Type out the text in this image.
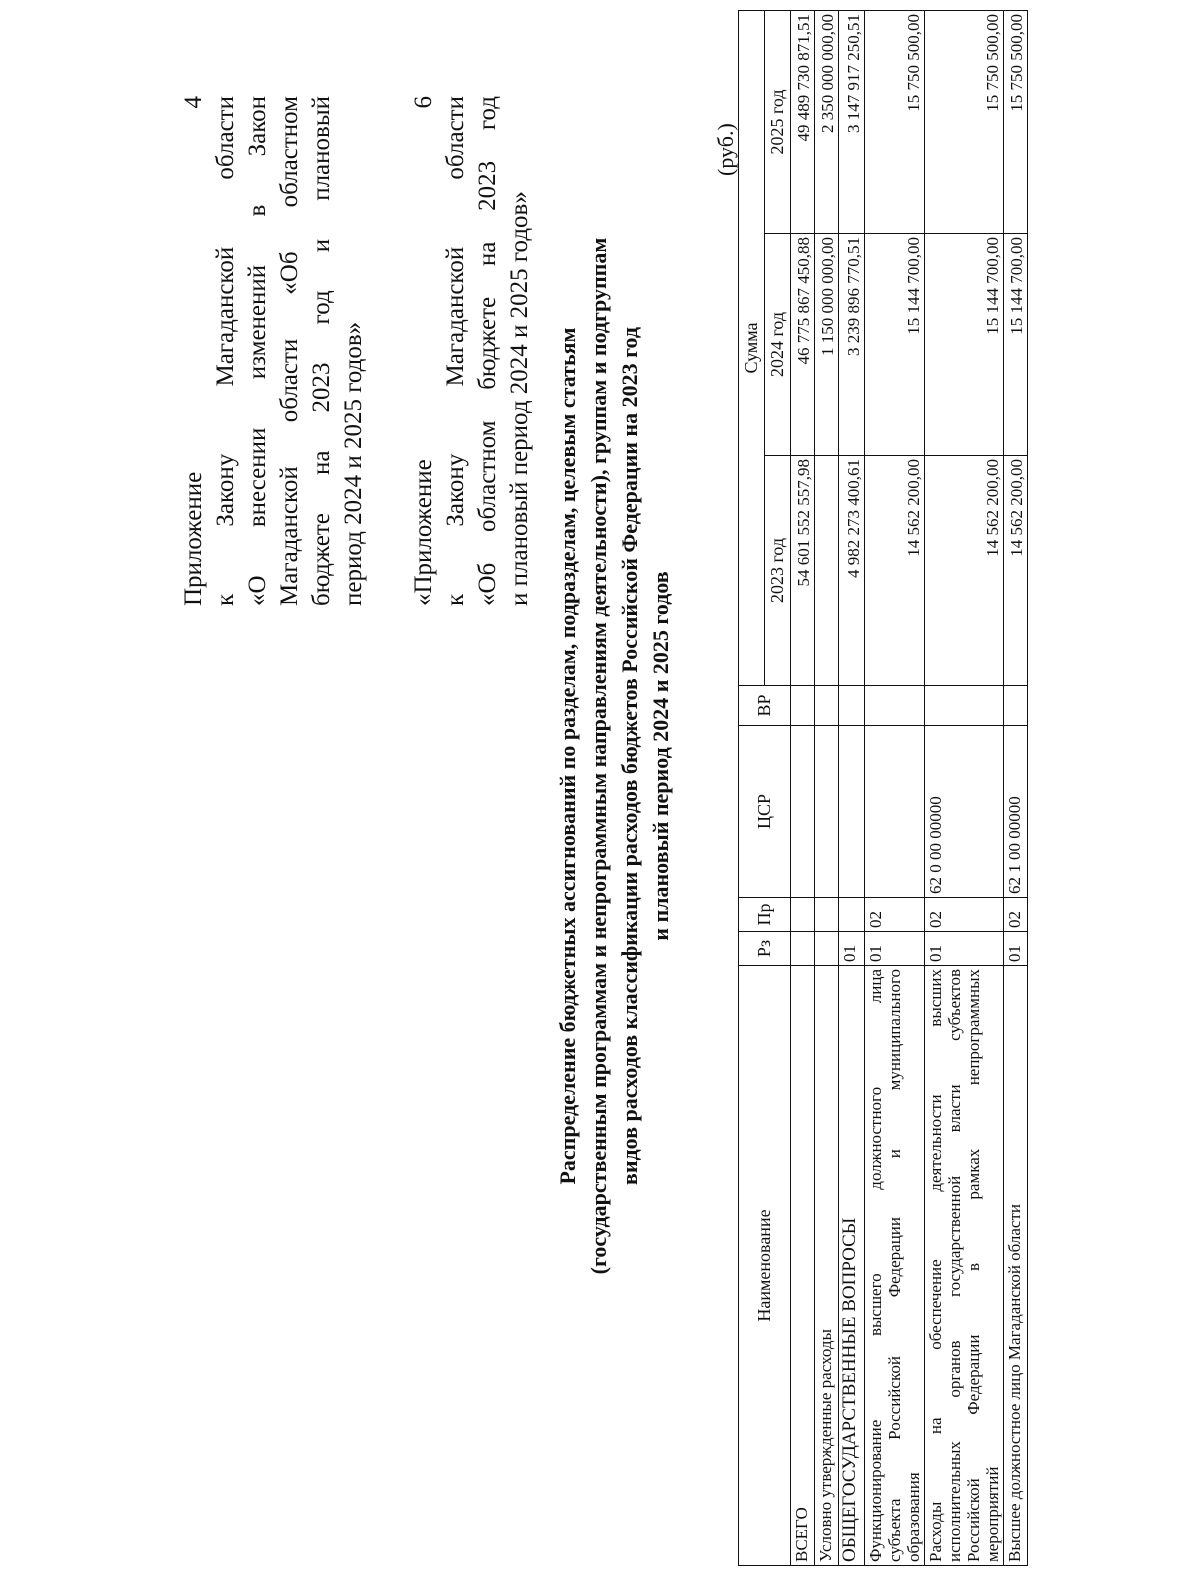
Приложение 4 к Закону Магаданской области «О внесении изменений в Закон Магаданской области «Об областном бюджете на 2023 год и плановый период 2024 и 2025 годов» «Приложение 6 к Закону Магаданской области «Об областном бюджете на 2023 год и плановый период 2024 и 2025 годов» Распределение бюджетных ассигнований по разделам, подразделам, целевым статьям (государственным программам и непрограммным направлениям деятельности), группам и подгруппам видов расходов классификации расходов бюджетов Российской Федерации на 2023 год и плановый период 2024 и 2025 годов
(руб.)
Наименование	Рз	Пр	ЦСР	ВР	Сумма		
					2023 год	2024 год	2025 год
ВСЕГО					54 601 552 557,98	46 775 867 450,88	49 489 730 871,51
Условно утвержденные расходы						1 150 000 000,00	2 350 000 000,00
ОБЩЕГОСУДАРСТВЕННЫЕ ВОПРОСЫ	01				4 982 273 400,61	3 239 896 770,51	3 147 917 250,51

Функционирование высшего должностного лица субъекта Российской Федерации и муниципального образования	01	02			14 562 200,00	15 144 700,00	15 750 500,00

Расходы на обеспечение деятельности высших исполнительных органов государственной власти субъектов Российской Федерации в рамках непрограммных мероприятий	01	02	62 0 00 00000		14 562 200,00	15 144 700,00	15 750 500,00
Высшее должностное лицо Магаданской области	01	02	62 1 00 00000		14 562 200,00	15 144 700,00	15 750 500,00
